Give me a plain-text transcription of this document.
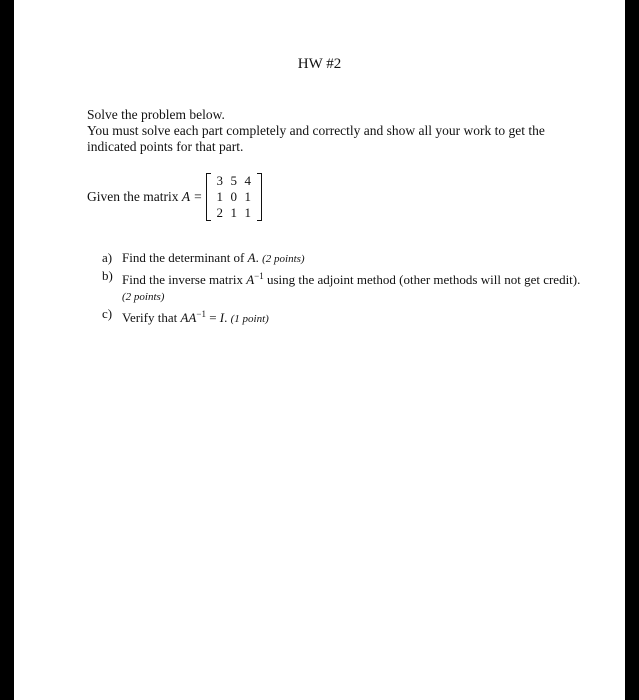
HW #2

Solve the problem below.

You must solve each part completely and correctly and show all your work to get the indicated points for that part.

Given the matrix A =
3 5 4
1 0 1
2 1 1
a) Find the determinant of A. (2 points)
b) Find the inverse matrix $A^{-1}$ using the adjoint method (other methods will not get credit). (2 points)
c) Verify that $AA^{-1} = I$. (1 point)
